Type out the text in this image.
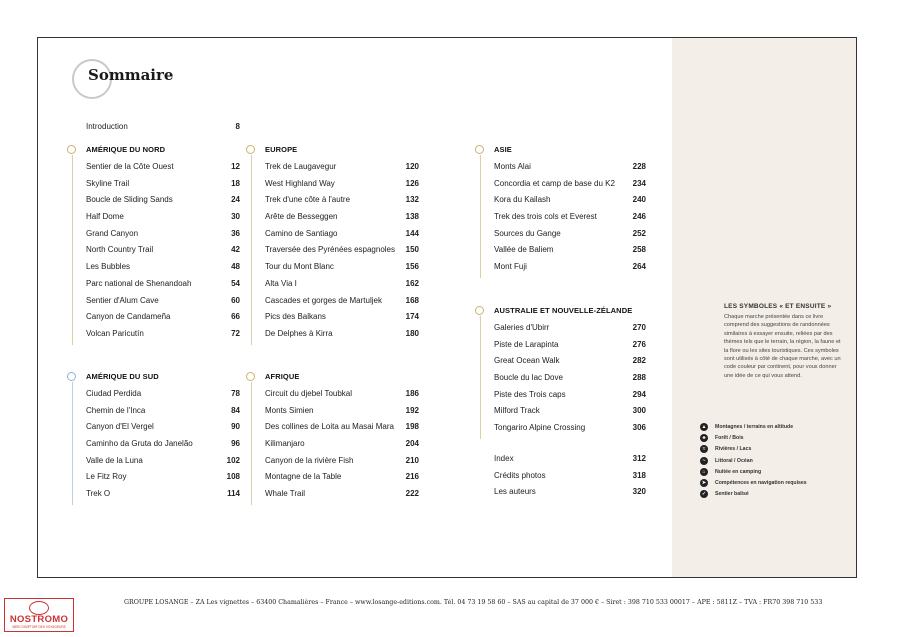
Sommaire
Introduction	8
AMÉRIQUE DU NORD
Sentier de la Côte Ouest	12
Skyline Trail	18
Boucle de Sliding Sands	24
Half Dome	30
Grand Canyon	36
North Country Trail	42
Les Bubbles	48
Parc national de Shenandoah	54
Sentier d'Alum Cave	60
Canyon de Candameña	66
Volcan Paricutín	72
AMÉRIQUE DU SUD
Ciudad Perdida	78
Chemin de l'Inca	84
Canyon d'El Vergel	90
Caminho da Gruta do Janelão	96
Valle de la Luna	102
Le Fitz Roy	108
Trek O	114
EUROPE
Trek de Laugavegur	120
West Highland Way	126
Trek d'une côte à l'autre	132
Arête de Besseggen	138
Camino de Santiago	144
Traversée des Pyrénées espagnoles 150
Tour du Mont Blanc	156
Alta Via I	162
Cascades et gorges de Martuljek	168
Pics des Balkans	174
De Delphes à Kirra	180
AFRIQUE
Circuit du djebel Toubkal	186
Monts Simien	192
Des collines de Loita au Masai Mara 198
Kilimanjaro	204
Canyon de la rivière Fish	210
Montagne de la Table	216
Whale Trail	222
ASIE
Monts Alai	228
Concordia et camp de base du K2 234
Kora du Kailash	240
Trek des trois cols et Everest	246
Sources du Gange	252
Vallée de Baliem	258
Mont Fuji	264
AUSTRALIE ET NOUVELLE-ZÉLANDE
Galeries d'Ubirr	270
Piste de Larapinta	276
Great Ocean Walk	282
Boucle du lac Dove	288
Piste des Trois caps	294
Milford Track	300
Tongariro Alpine Crossing	306
Index	312
Crédits photos	318
Les auteurs	320
LES SYMBOLES « ET ENSUITE »
Chaque marche présentée dans ce livre comprend des suggestions de randonnées similaires à essayer ensuite, reliées par des thèmes tels que le terrain, la région, la faune et la flore ou les sites touristiques. Ces symboles sont utilisés à côté de chaque marche, avec un code couleur par continent, pour vous donner une idée de ce qui vous attend.
▲ Montagnes / terrains en altitude
♣	Forêt / Bois
≈	Rivières / Lacs
~	Littoral / Océan
⌂	Nuitée en camping
➤	Compétences en navigation requises
✓	Sentier balisé
GROUPE LOSANGE – ZA Les vignettes – 63400 Chamalières – France – www.losange-editions.com. Tél. 04 73 19 58 60 – SAS au capital de 37 000 € – Siret : 398 710 533 00017 – APE : 5811Z – TVA : FR70 398 710 533
NOSTROMO
WEB COMPTOIR DES VOYAGEURS
